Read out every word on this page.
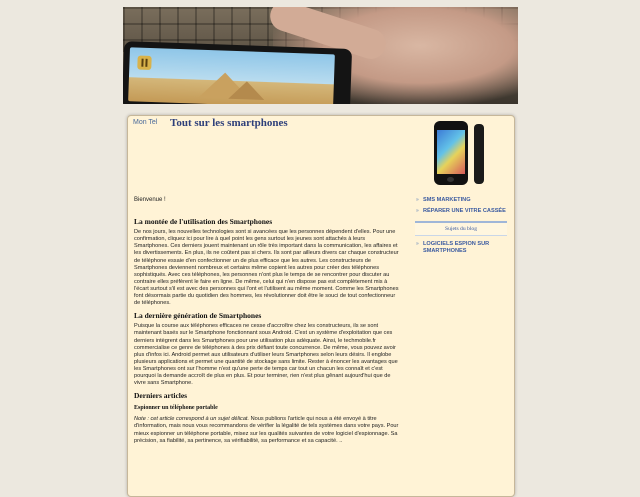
Mon Tel Tout sur les smartphones

Bienvenue !

La montée de l'utilisation des Smartphones

De nos jours, les nouvelles technologies sont si avancées que les personnes dépendent d'elles. Pour une confirmation, cliquez ici pour lire à quel point les gens surtout les jeunes sont attachés à leurs Smartphones. Ces derniers jouent maintenant un rôle très important dans la communication, les affaires et les divertissements. En plus, ils ne coûtent pas si chers. Ils sont par ailleurs divers car chaque constructeur de téléphone essaie d'en confectionner un de plus efficace que les autres. Les constructeurs de Smartphones deviennent nombreux et certains même copient les autres pour créer des téléphones sophistiqués. Avec ces téléphones, les personnes n'ont plus le temps de se rencontrer pour discuter au contraire elles préfèrent le faire en ligne. De même, celui qui n'en dispose pas est complètement mis à l'écart surtout s'il est avec des personnes qui l'ont et l'utilisent au même moment. Comme les Smartphones font désormais partie du quotidien des hommes, les révolutionner doit être le souci de tout confectionneur de téléphones.

La dernière génération de Smartphones

Puisque la course aux téléphones efficaces ne cesse d'accroître chez les constructeurs, ils se sont maintenant basés sur le Smartphone fonctionnant sous Android. C'est un système d'exploitation que ces derniers intègrent dans les Smartphones pour une utilisation plus adéquate. Ainsi, le techmobile.fr commercialise ce genre de téléphones à des prix défiant toute concurrence. De même, vous pouvez avoir plus d'infos ici. Android permet aux utilisateurs d'utiliser leurs Smartphones selon leurs désirs. Il englobe plusieurs applications et permet une quantité de stockage sans limite. Rester à énoncer les avantages que les Smartphones ont sur l'homme n'est qu'une perte de temps car tout un chacun les connaît et c'est pourquoi la demande accroît de plus en plus. Et pour terminer, rien n'est plus gênant aujourd'hui que de vivre sans Smartphone.

Derniers articles
Espionner un téléphone portable

Note : cet article correspond à un sujet délicat. Nous publions l'article qui nous a été envoyé à titre d'information, mais nous vous recommandons de vérifier la légalité de tels systèmes dans votre pays. Pour mieux espionner un téléphone portable, misez sur les qualités suivantes de votre logiciel d'espionnage. Sa précision, sa fiabilité, sa pertinence, sa vérifiabilité, sa performance et sa capacité. ..

» SMS MARKETING
» RÉPARER UNE VITRE CASSÉE
Sujets du blog
» LOGICIELS ESPION SUR SMARTPHONES
